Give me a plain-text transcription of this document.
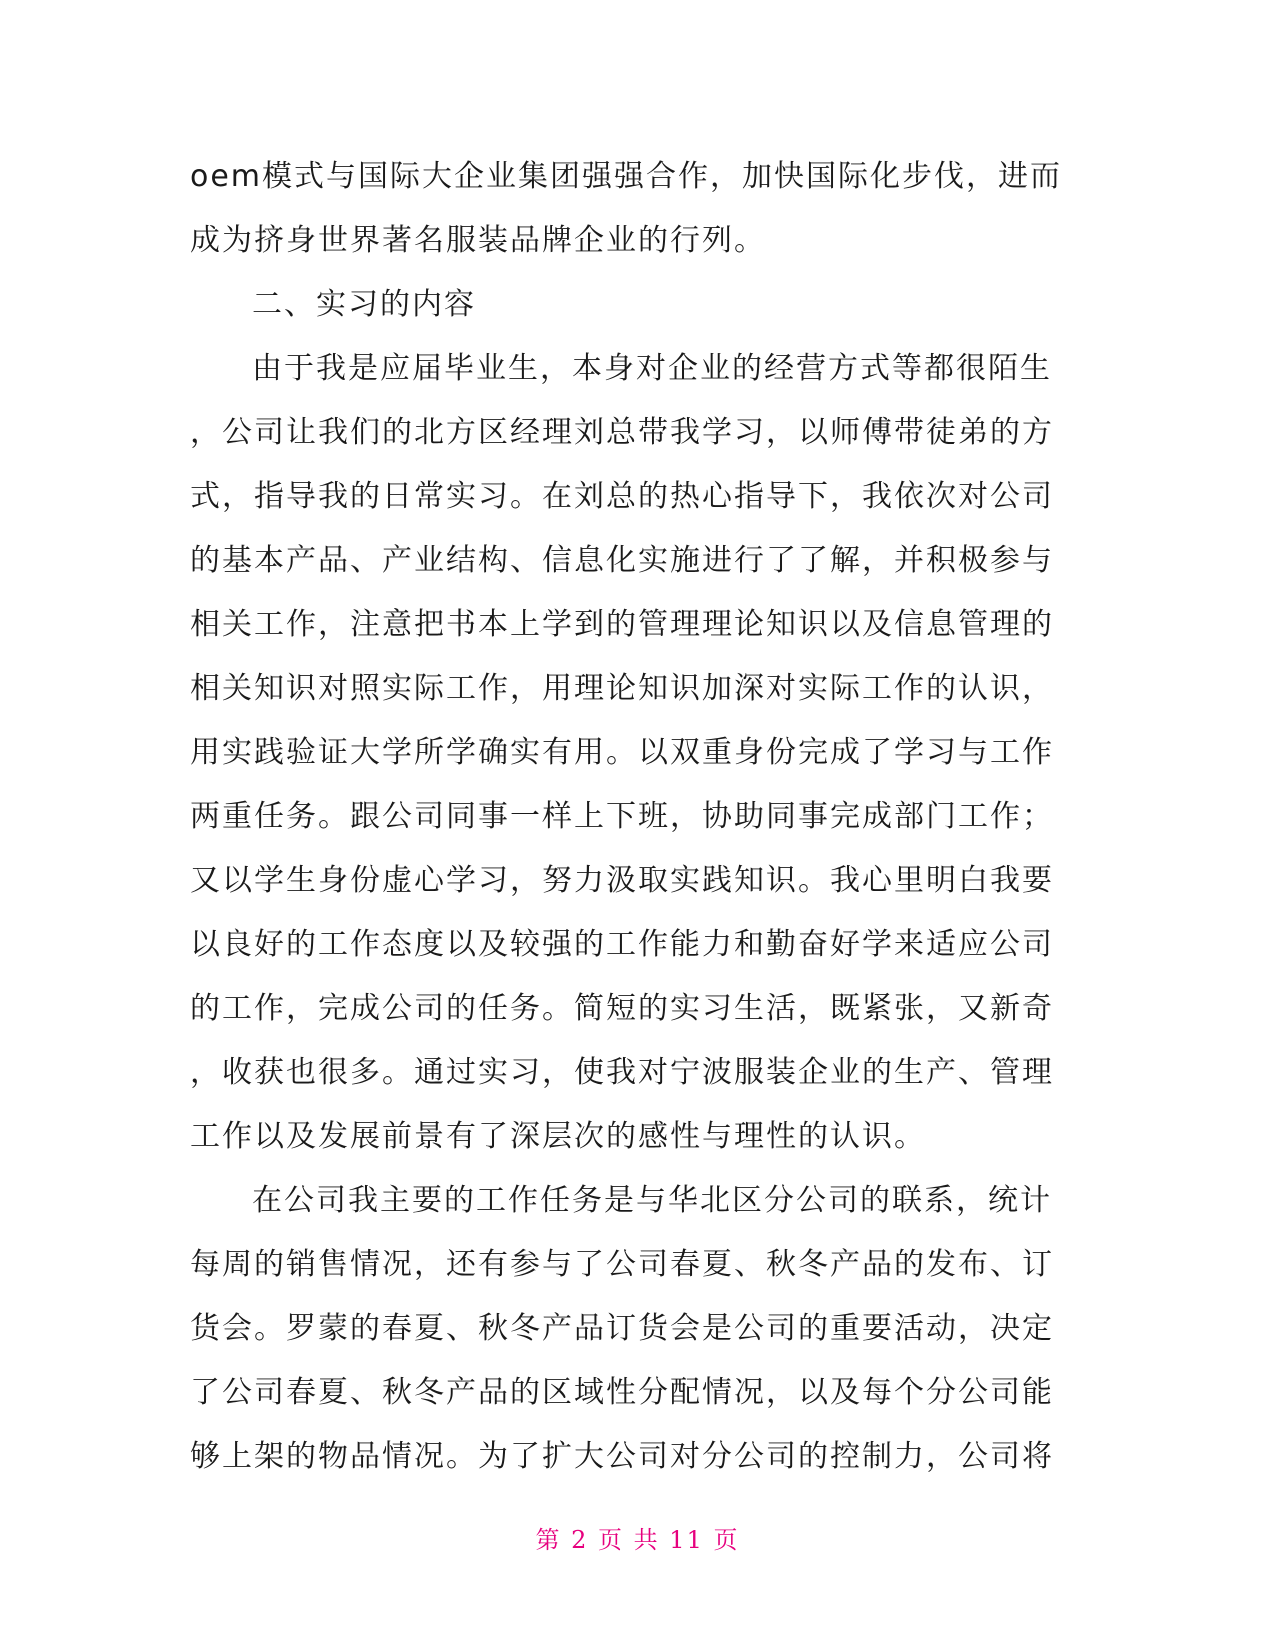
oem模式与国际大企业集团强强合作，加快国际化步伐，进而
成为挤身世界著名服装品牌企业的行列。
二、实习的内容
由于我是应届毕业生，本身对企业的经营方式等都很陌生
，公司让我们的北方区经理刘总带我学习，以师傅带徒弟的方
式，指导我的日常实习。在刘总的热心指导下，我依次对公司
的基本产品、产业结构、信息化实施进行了了解，并积极参与
相关工作，注意把书本上学到的管理理论知识以及信息管理的
相关知识对照实际工作，用理论知识加深对实际工作的认识，
用实践验证大学所学确实有用。以双重身份完成了学习与工作
两重任务。跟公司同事一样上下班，协助同事完成部门工作；
又以学生身份虚心学习，努力汲取实践知识。我心里明白我要
以良好的工作态度以及较强的工作能力和勤奋好学来适应公司
的工作，完成公司的任务。简短的实习生活，既紧张，又新奇
，收获也很多。通过实习，使我对宁波服装企业的生产、管理
工作以及发展前景有了深层次的感性与理性的认识。
在公司我主要的工作任务是与华北区分公司的联系，统计
每周的销售情况，还有参与了公司春夏、秋冬产品的发布、订
货会。罗蒙的春夏、秋冬产品订货会是公司的重要活动，决定
了公司春夏、秋冬产品的区域性分配情况，以及每个分公司能
够上架的物品情况。为了扩大公司对分公司的控制力，公司将
第 2 页 共 11 页
